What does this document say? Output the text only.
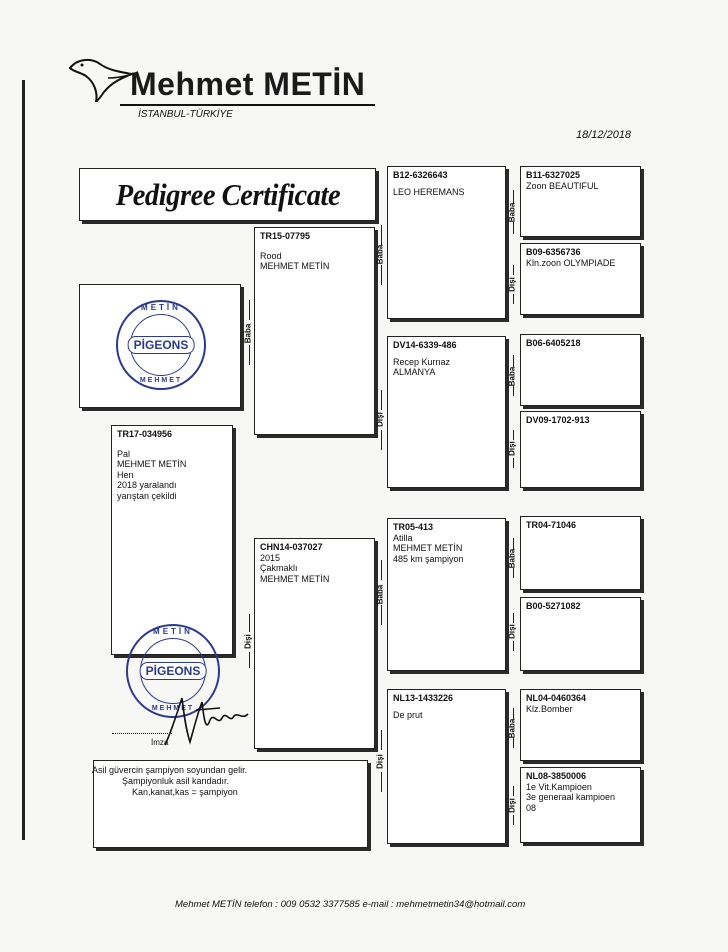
Mehmet METİN
İSTANBUL-TÜRKİYE
18/12/2018
Pedigree Certificate
PİGEONS
METİN
MEHMET
TR17-034956
Pal
MEHMET METİN
Hen
2018 yaralandı
yarıştan çekildi
Baba
Dişi
TR15-07795
Rood
MEHMET METİN
CHN14-037027
2015
Çakmaklı
MEHMET METİN
Baba
Dişi
Baba
Dişi
B12-6326643
LEO HEREMANS
DV14-6339-486
Recep Kurnaz
ALMANYA
TR05-413
Atilla
MEHMET METİN
485 km şampiyon
NL13-1433226
De prut
Baba
Dişi
Baba
Dişi
Baba
Dişi
Baba
Dişi
B11-6327025
Zoon BEAUTIFUL
B09-6356736
Kln.zoon OLYMPIADE
B06-6405218
DV09-1702-913
TR04-71046
B00-5271082
NL04-0460364
Klz.Bomber
NL08-3850006
1e Vit.Kampioen
3e generaal kampioen
08
PİGEONS
METİN
MEHMET
İmza
Asil güvercin şampiyon soyundan gelir.
Şampiyonluk asil kandadır.
Kan,kanat,kas = şampiyon
Mehmet METİN telefon : 009 0532 3377585 e-mail : mehmetmetin34@hotmail.com
